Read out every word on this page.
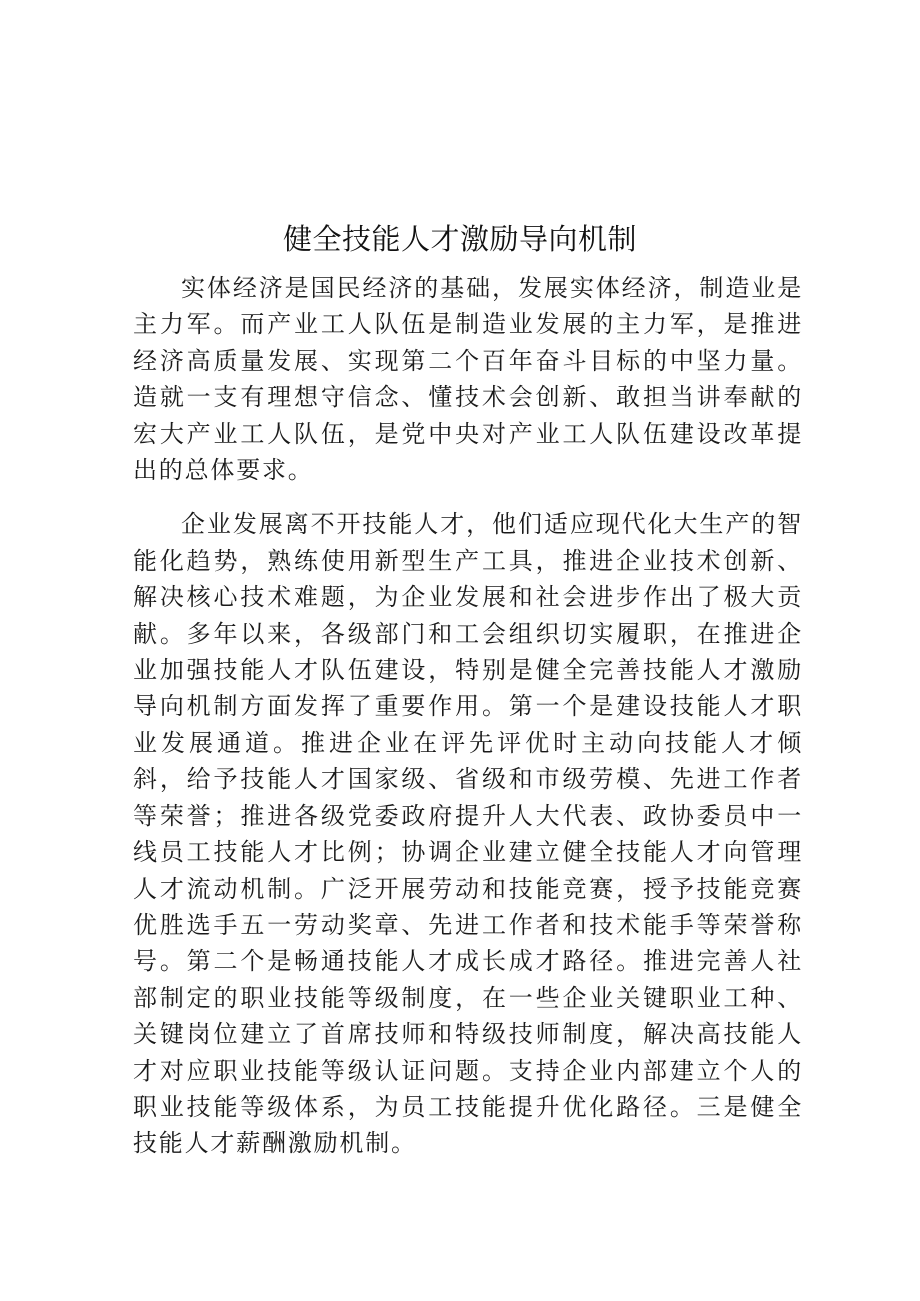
健全技能人才激励导向机制

实体经济是国民经济的基础，发展实体经济，制造业是主力军。而产业工人队伍是制造业发展的主力军，是推进经济高质量发展、实现第二个百年奋斗目标的中坚力量。造就一支有理想守信念、懂技术会创新、敢担当讲奉献的宏大产业工人队伍，是党中央对产业工人队伍建设改革提出的总体要求。

企业发展离不开技能人才，他们适应现代化大生产的智能化趋势，熟练使用新型生产工具，推进企业技术创新、解决核心技术难题，为企业发展和社会进步作出了极大贡献。多年以来，各级部门和工会组织切实履职，在推进企业加强技能人才队伍建设，特别是健全完善技能人才激励导向机制方面发挥了重要作用。第一个是建设技能人才职业发展通道。推进企业在评先评优时主动向技能人才倾斜，给予技能人才国家级、省级和市级劳模、先进工作者等荣誉；推进各级党委政府提升人大代表、政协委员中一线员工技能人才比例；协调企业建立健全技能人才向管理人才流动机制。广泛开展劳动和技能竞赛，授予技能竞赛优胜选手五一劳动奖章、先进工作者和技术能手等荣誉称号。第二个是畅通技能人才成长成才路径。推进完善人社部制定的职业技能等级制度，在一些企业关键职业工种、关键岗位建立了首席技师和特级技师制度，解决高技能人才对应职业技能等级认证问题。支持企业内部建立个人的职业技能等级体系，为员工技能提升优化路径。三是健全技能人才薪酬激励机制。
